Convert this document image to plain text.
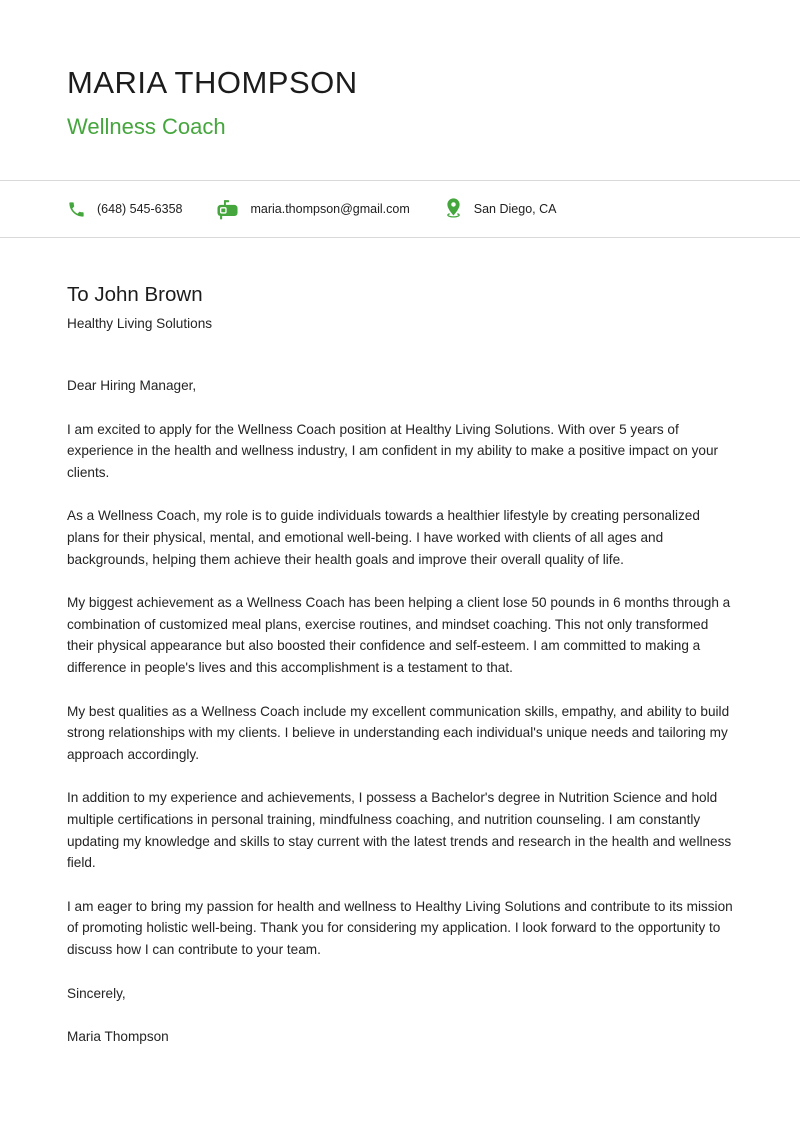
MARIA THOMPSON
Wellness Coach
(648) 545-6358	maria.thompson@gmail.com	San Diego, CA
To John Brown
Healthy Living Solutions

Dear Hiring Manager,

I am excited to apply for the Wellness Coach position at Healthy Living Solutions. With over 5 years of experience in the health and wellness industry, I am confident in my ability to make a positive impact on your clients.

As a Wellness Coach, my role is to guide individuals towards a healthier lifestyle by creating personalized plans for their physical, mental, and emotional well-being. I have worked with clients of all ages and backgrounds, helping them achieve their health goals and improve their overall quality of life.

My biggest achievement as a Wellness Coach has been helping a client lose 50 pounds in 6 months through a combination of customized meal plans, exercise routines, and mindset coaching. This not only transformed their physical appearance but also boosted their confidence and self-esteem. I am committed to making a difference in people's lives and this accomplishment is a testament to that.

My best qualities as a Wellness Coach include my excellent communication skills, empathy, and ability to build strong relationships with my clients. I believe in understanding each individual's unique needs and tailoring my approach accordingly.

In addition to my experience and achievements, I possess a Bachelor's degree in Nutrition Science and hold multiple certifications in personal training, mindfulness coaching, and nutrition counseling. I am constantly updating my knowledge and skills to stay current with the latest trends and research in the health and wellness field.

I am eager to bring my passion for health and wellness to Healthy Living Solutions and contribute to its mission of promoting holistic well-being. Thank you for considering my application. I look forward to the opportunity to discuss how I can contribute to your team.

Sincerely,

Maria Thompson
